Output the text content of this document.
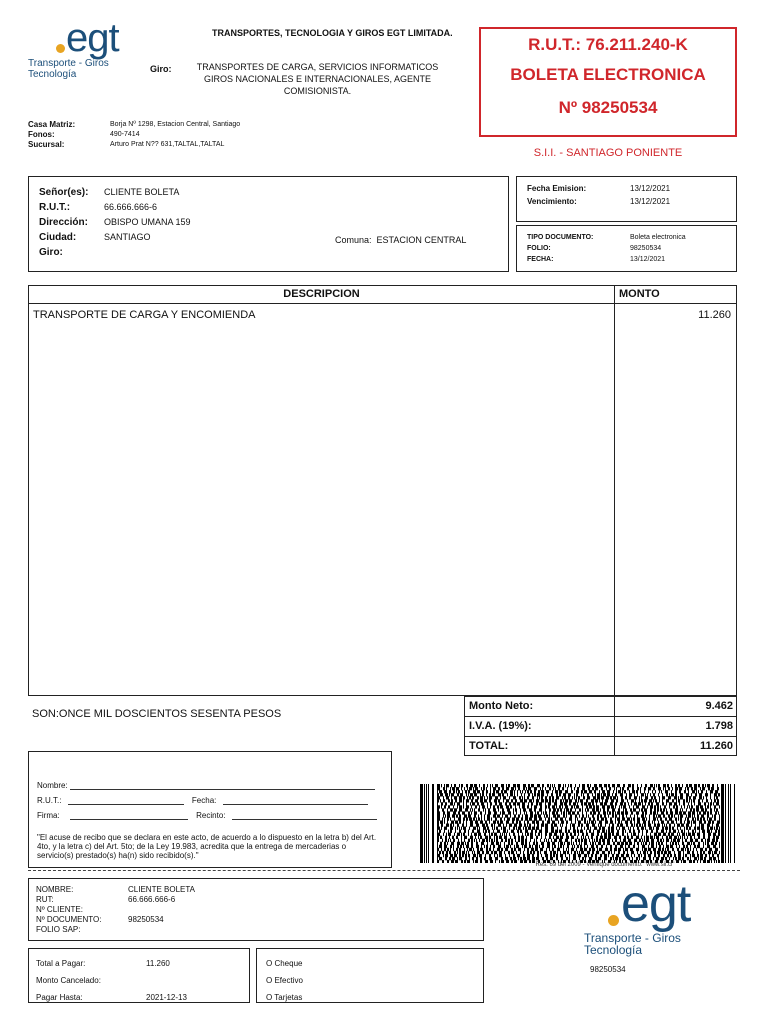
egt
Transporte - Giros
Tecnología
TRANSPORTES, TECNOLOGIA Y GIROS EGT LIMITADA.
Giro:	TRANSPORTES DE CARGA, SERVICIOS INFORMATICOS
GIROS NACIONALES E INTERNACIONALES, AGENTE
COMISIONISTA.
Casa Matriz:	Borja Nº 1298, Estacion Central, Santiago
Fonos:	490-7414
Sucursal:	Arturo Prat N?? 631,TALTAL,TALTAL
R.U.T.: 76.211.240-K
BOLETA ELECTRONICA
Nº 98250534
S.I.I. - SANTIAGO PONIENTE
Señor(es):	CLIENTE BOLETA
R.U.T.:	66.666.666-6
Dirección:	OBISPO UMANA 159
Ciudad:	SANTIAGO
Giro:
Comuna: ESTACION CENTRAL
Fecha Emision:	13/12/2021
Vencimiento:	13/12/2021
TIPO DOCUMENTO:	Boleta electronica
FOLIO:	98250534
FECHA:	13/12/2021
DESCRIPCION	MONTO
TRANSPORTE DE CARGA Y ENCOMIENDA	11.260
SON:ONCE MIL DOSCIENTOS SESENTA PESOS
Monto Neto:	9.462
I.V.A. (19%):	1.798
TOTAL:	11.260
Nombre:
R.U.T.:	Fecha:
Firma:	Recinto:
"El acuse de recibo que se declara en este acto, de acuerdo a lo dispuesto en la letra b) del Art. 4to, y la letra c) del Art. 5to; de la Ley 19.983, acredita que la entrega de mercaderias o servicio(s) prestado(s) ha(n) sido recibido(s)."
Res. 69 del 2009 - Verifique documento: "www.sii.cl"
NOMBRE:	CLIENTE BOLETA
RUT:	66.666.666-6
Nº CLIENTE:
Nº DOCUMENTO:	98250534
FOLIO SAP:
Total a Pagar:	11.260
Monto Cancelado:
Pagar Hasta:	2021-12-13
O Cheque
O Efectivo
O Tarjetas
egt
Transporte - Giros
Tecnología
98250534
